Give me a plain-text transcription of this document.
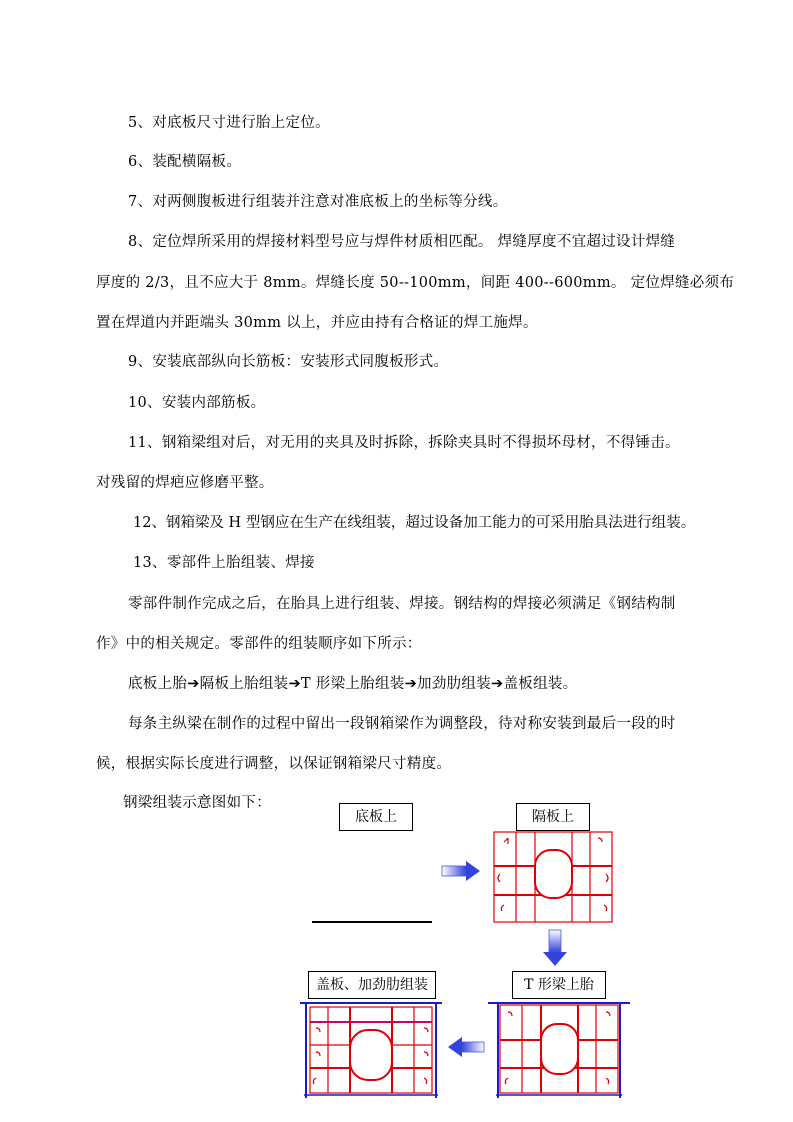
5、对底板尺寸进行胎上定位。
6、装配横隔板。
7、对两侧腹板进行组装并注意对准底板上的坐标等分线。
8、定位焊所采用的焊接材料型号应与焊件材质相匹配。 焊缝厚度不宜超过设计焊缝
厚度的 2/3，且不应大于 8mm。焊缝长度 50--100mm，间距 400--600mm。 定位焊缝必须布
置在焊道内并距端头 30mm 以上，并应由持有合格证的焊工施焊。
9、安装底部纵向长筋板：安装形式同腹板形式。
10、安装内部筋板。
11、钢箱梁组对后，对无用的夹具及时拆除，拆除夹具时不得损坏母材，不得锤击。
对残留的焊疤应修磨平整。
12、钢箱梁及 H 型钢应在生产在线组装，超过设备加工能力的可采用胎具法进行组装。
13、零部件上胎组装、焊接
零部件制作完成之后，在胎具上进行组装、焊接。钢结构的焊接必须满足《钢结构制
作》中的相关规定。零部件的组装顺序如下所示：
底板上胎➔隔板上胎组装➔T 形梁上胎组装➔加劲肋组装➔盖板组装。
每条主纵梁在制作的过程中留出一段钢箱梁作为调整段，待对称安装到最后一段的时
候，根据实际长度进行调整，以保证钢箱梁尺寸精度。
钢梁组装示意图如下：
底板上	隔板上
盖板、加劲肋组装	T 形梁上胎
